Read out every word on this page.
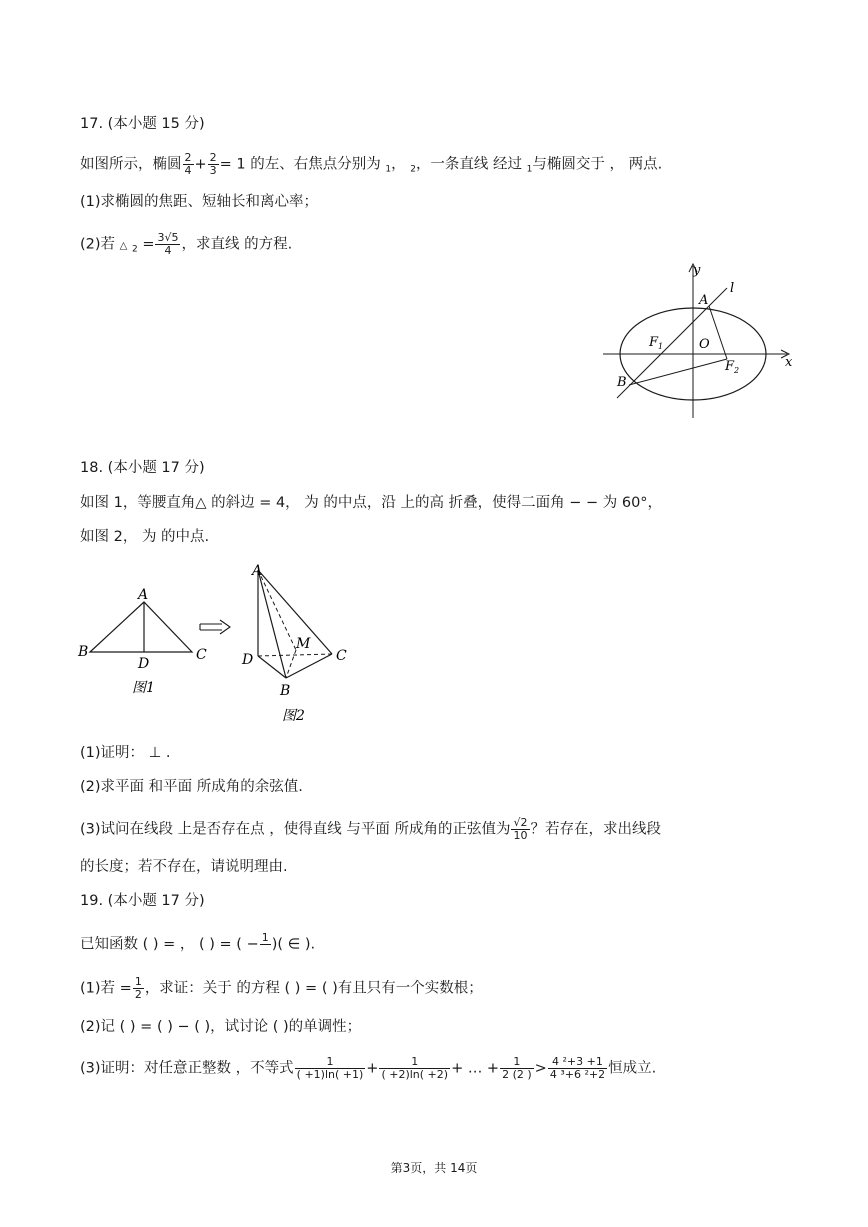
17. (本小题 15 分)
如图所示，椭圆 $\frac{2}{4} + \frac{2}{3} = 1$ 的左、右焦点分别为 $_1$， $_2$，一条直线 经过 $_1$与椭圆交于 ， 两点.
(1)求椭圆的焦距、短轴长和离心率；
(2)若 △ $_2 = \frac{3√5}{4}$ ，求直线 的方程.
y
l
A
$F_1$	O
$F_2$
x
B
18. (本小题 17 分)
如图 1，等腰直角△ 的斜边 = 4， 为 的中点，沿 上的高 折叠，使得二面角 − − 为 60°，
如图 2， 为 的中点.
A
B
D
C
图1
A
M
D	C
B
图2
(1)证明： ⊥ .
(2)求平面 和平面 所成角的余弦值.
(3)试问在线段 上是否存在点 ，使得直线 与平面 所成角的正弦值为 $\frac{√2}{10}$ ？若存在，求出线段
的长度；若不存在，请说明理由.
19. (本小题 17 分)
已知函数 ( ) = ， ( ) = ( − 1
)( ∈ ).
(1)若 = $\frac{1}{2}$ ，求证：关于 的方程 ( ) = ( )有且只有一个实数根；
(2)记 ( ) = ( ) − ( )，试讨论 ( )的单调性；
(3)证明：对任意正整数 ，不等式 $\frac{1}{( +1)\ln( +1)} + \frac{1}{( +2)\ln( +2)}$ + … + $\frac{1}{2 (2 )} > \frac{\text{4 ²+3 +1}}{\text{4 ³+6 ²+2}}$ 恒成立.
第3页，共 14页
